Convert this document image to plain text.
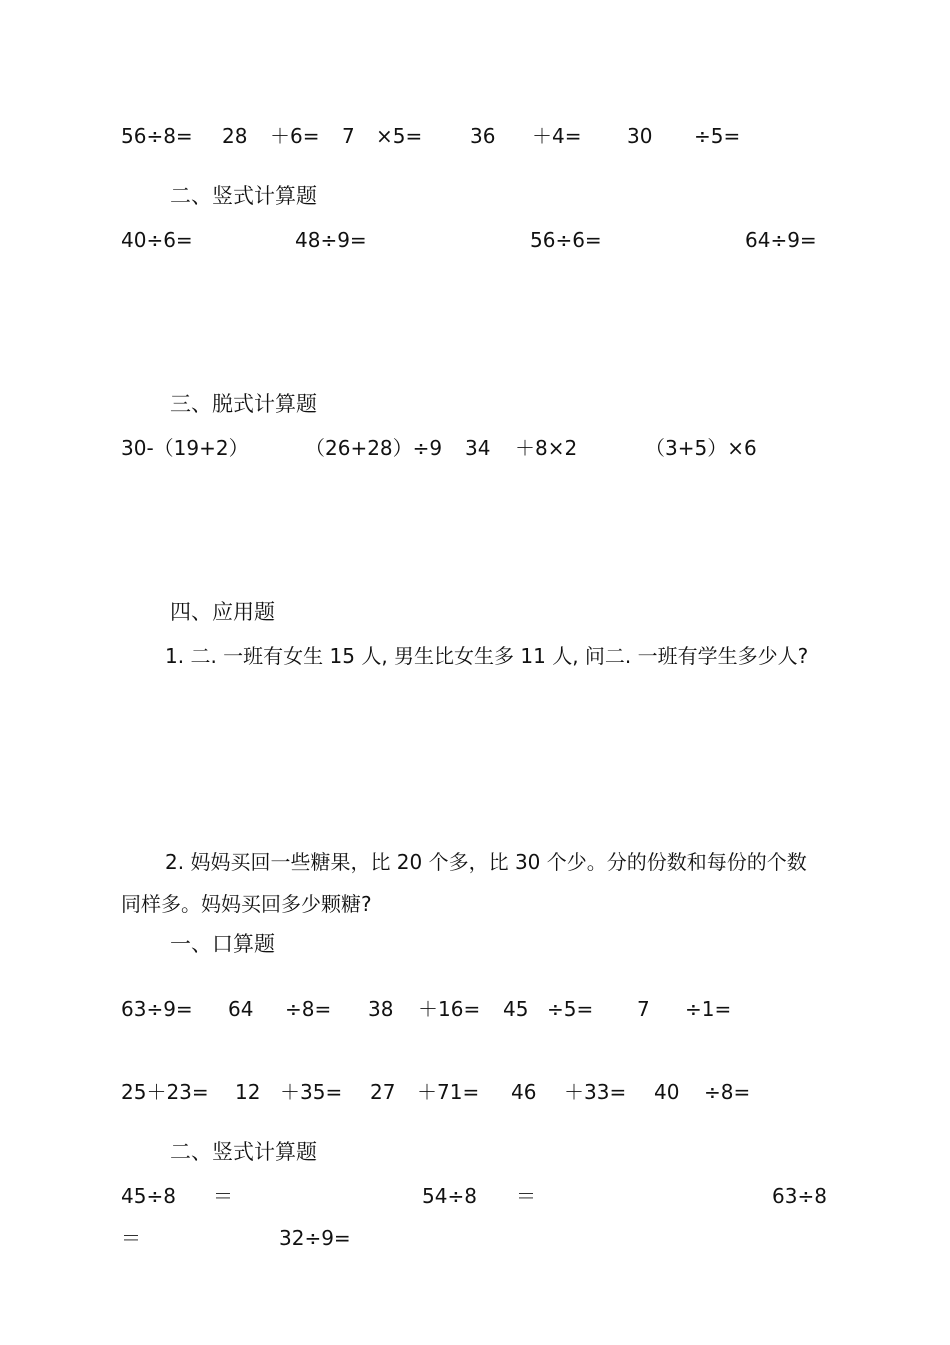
56÷8= 28 ＋6= 7 ×5= 36 ＋4= 30 ÷5=
二、竖式计算题
40÷6=	48÷9=	56÷6=	64÷9=
三、脱式计算题
30-（19+2）	（26+28）÷9 34 ＋8×2	（3+5）×6
四、应用题
1. 二. 一班有女生 15 人, 男生比女生多 11 人, 问二. 一班有学生多少人?
2. 妈妈买回一些糖果，比 20 个多，比 30 个少。分的份数和每份的个数
同样多。妈妈买回多少颗糖?
一、口算题
63÷9= 64 ÷8= 38 ＋16= 45 ÷5= 7 ÷1=
25＋23= 12 ＋35= 27 ＋71= 46 ＋33= 40 ÷8=
二、竖式计算题
45÷8 ＝	54÷8 ＝	63÷8
＝	32÷9=
